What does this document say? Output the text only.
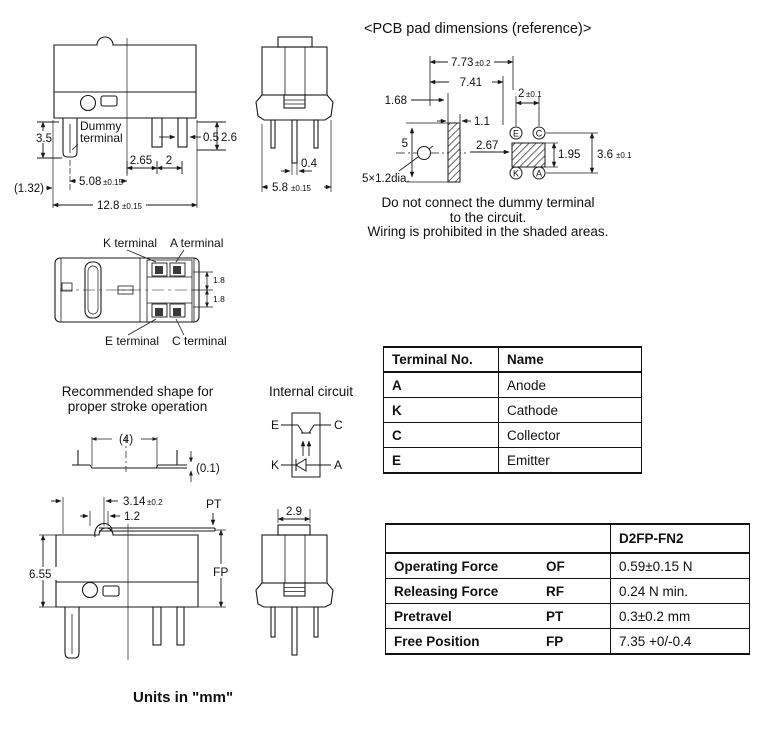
3.5
Dummy
terminal	0.5 2.6
2.65 2
5.08 ±0.15
(1.32)
12.8 ±0.15
0.4
5.8 ±0.15
E C
K A
7.73 ±0.2
7.41
2 ±0.1
1.68
1.1
5	2.67
1.95 3.6 ±0.1
5×1.2dia.
K terminal A terminal
E terminal C terminal
1.8
1.8
(4)
(0.1)
E	C
K	A
6.55	FP
PT
3.14 ±0.2
1.2	2.9
<PCB pad dimensions (reference)>
Do not connect the dummy terminal
to the circuit.
Wiring is prohibited in the shaded areas.
Recommended shape for
proper stroke operation
Internal circuit
Terminal No.	Name
A	Anode
K	Cathode
C	Collector
E	Emitter
		D2FP-FN2
Operating Force	OF	0.59±0.15 N
Releasing Force	RF	0.24 N min.
Pretravel	PT	0.3±0.2 mm
Free Position	FP	7.35 +0/-0.4
Units in "mm"
